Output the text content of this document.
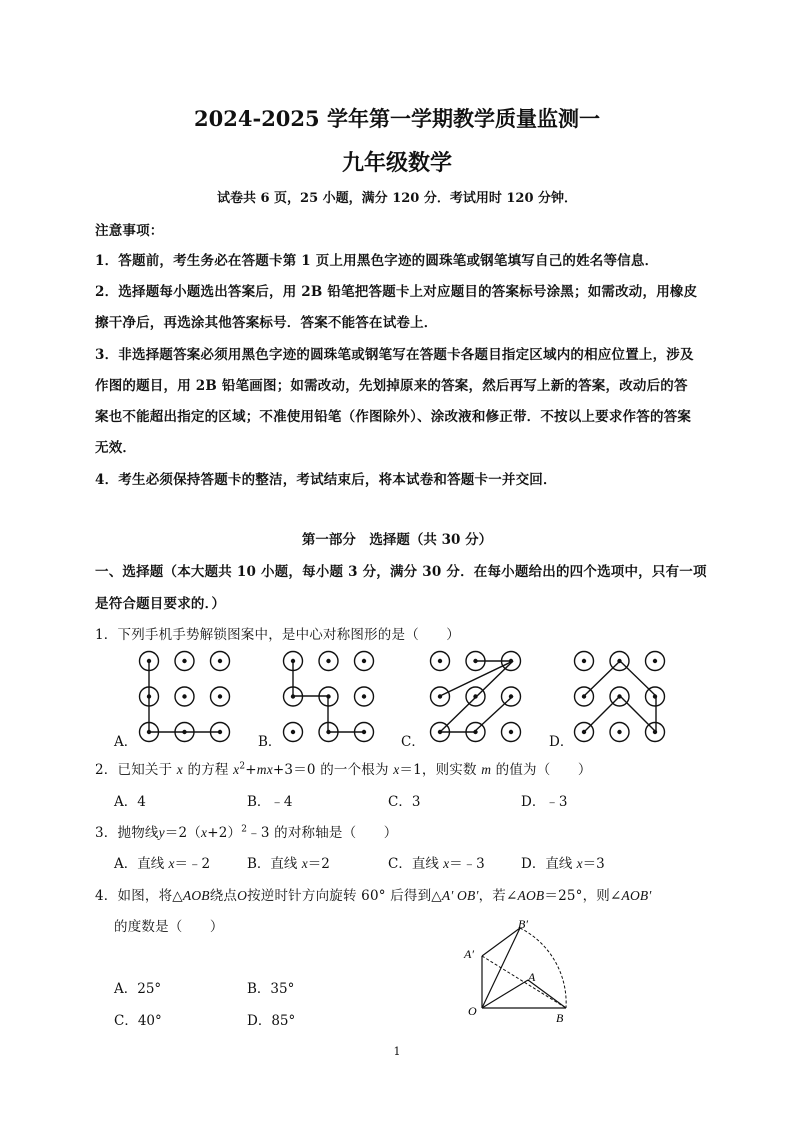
2024-2025 学年第一学期教学质量监测一
九年级数学
试卷共 6 页，25 小题，满分 120 分．考试用时 120 分钟．
注意事项：
1．答题前，考生务必在答题卡第 1 页上用黑色字迹的圆珠笔或钢笔填写自己的姓名等信息．
2．选择题每小题选出答案后，用 2B 铅笔把答题卡上对应题目的答案标号涂黑；如需改动，用橡皮
擦干净后，再选涂其他答案标号．答案不能答在试卷上．
3．非选择题答案必须用黑色字迹的圆珠笔或钢笔写在答题卡各题目指定区域内的相应位置上，涉及
作图的题目，用 2B 铅笔画图；如需改动，先划掉原来的答案，然后再写上新的答案，改动后的答
案也不能超出指定的区域；不准使用铅笔（作图除外）、涂改液和修正带．不按以上要求作答的答案
无效．
4．考生必须保持答题卡的整洁，考试结束后，将本试卷和答题卡一并交回．
第一部分　选择题（共 30 分）
一、选择题（本大题共 10 小题，每小题 3 分，满分 30 分．在每小题给出的四个选项中，只有一项
是符合题目要求的．）
1．下列手机手势解锁图案中，是中心对称图形的是（　　）
A．	B．	C．	D．
2．已知关于 x 的方程 $x^2+mx+3=0$ 的一个根为 x＝1，则实数 m 的值为（　　）
A．4	B．﹣4	C．3	D．﹣3
3．抛物线$y=2(x+2)^2﹣3$ 的对称轴是（　　）
A．直线 x＝﹣2	B．直线 x＝2	C．直线 x＝﹣3	D．直线 x＝3
4．如图，将△AOB绕点O按逆时针方向旋转 60° 后得到△A′ OB′，若∠AOB＝25°，则∠AOB′
的度数是（　　）
A．25°	B．35°
C．40°	D．85°
B′
A′
A
O	B
1
